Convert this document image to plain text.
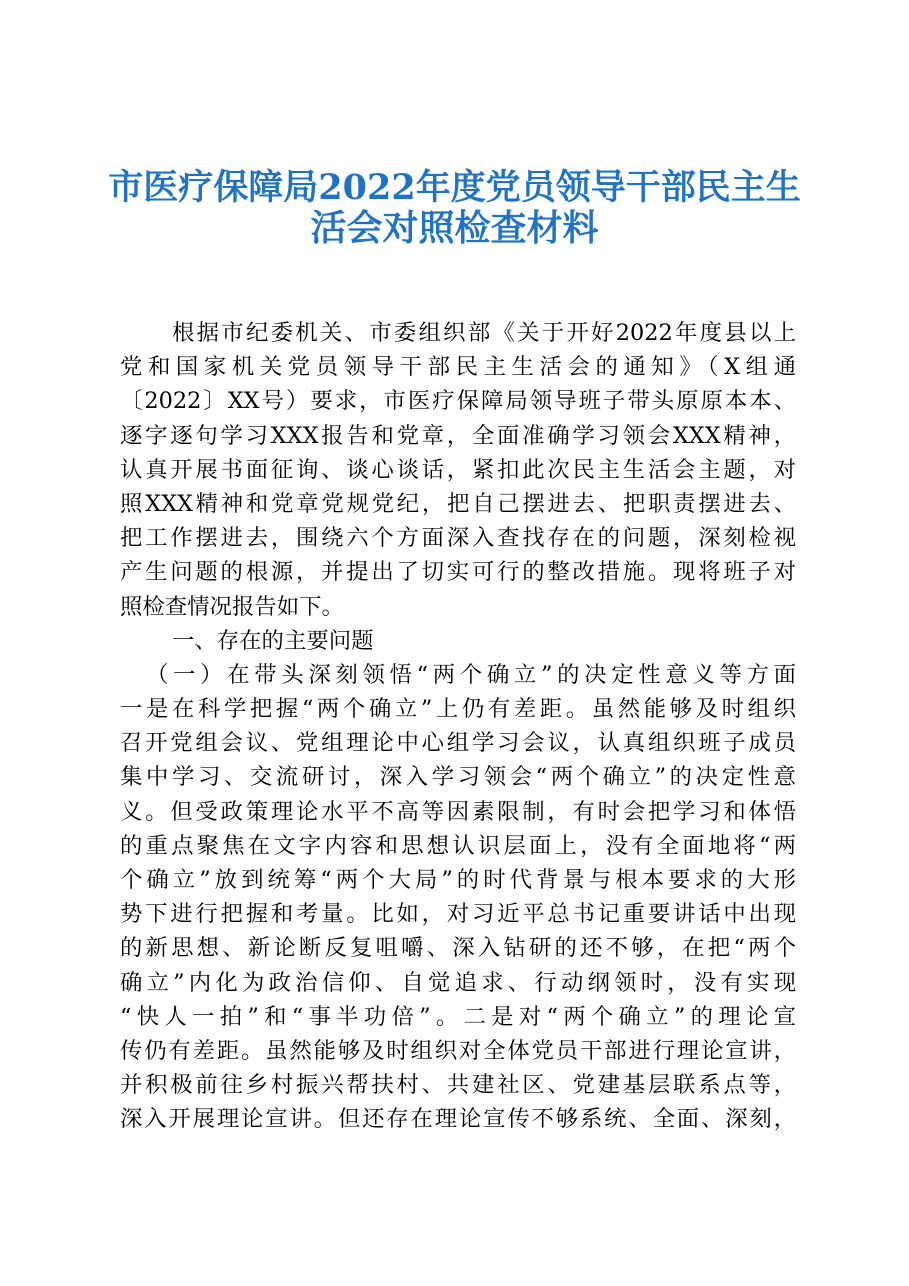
市医疗保障局2022年度党员领导干部民主生
活会对照检查材料
根据市纪委机关、市委组织部《关于开好2022年度县以上
党和国家机关党员领导干部民主生活会的通知》（X组通
〔2022〕XX号）要求，市医疗保障局领导班子带头原原本本、
逐字逐句学习XXX报告和党章，全面准确学习领会XXX精神，
认真开展书面征询、谈心谈话，紧扣此次民主生活会主题，对
照XXX精神和党章党规党纪，把自己摆进去、把职责摆进去、
把工作摆进去，围绕六个方面深入查找存在的问题，深刻检视
产生问题的根源，并提出了切实可行的整改措施。现将班子对
照检查情况报告如下。
一、存在的主要问题
（一）在带头深刻领悟“两个确立”的决定性意义等方面
一是在科学把握“两个确立”上仍有差距。虽然能够及时组织
召开党组会议、党组理论中心组学习会议，认真组织班子成员
集中学习、交流研讨，深入学习领会“两个确立”的决定性意
义。但受政策理论水平不高等因素限制，有时会把学习和体悟
的重点聚焦在文字内容和思想认识层面上，没有全面地将“两
个确立”放到统筹“两个大局”的时代背景与根本要求的大形
势下进行把握和考量。比如，对习近平总书记重要讲话中出现
的新思想、新论断反复咀嚼、深入钻研的还不够，在把“两个
确立”内化为政治信仰、自觉追求、行动纲领时，没有实现
“快人一拍”和“事半功倍”。二是对“两个确立”的理论宣
传仍有差距。虽然能够及时组织对全体党员干部进行理论宣讲，
并积极前往乡村振兴帮扶村、共建社区、党建基层联系点等，
深入开展理论宣讲。但还存在理论宣传不够系统、全面、深刻，
